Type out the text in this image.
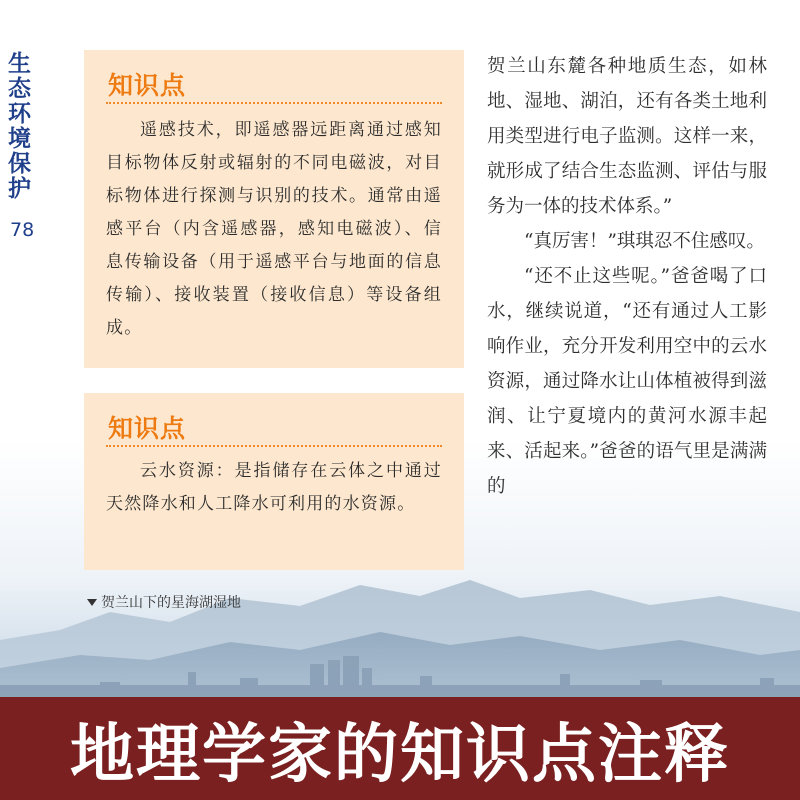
生
态
环
境
保
护
78
知识点
遥感技术，即遥感器远距离通过感知目标物体反射或辐射的不同电磁波，对目标物体进行探测与识别的技术。通常由遥感平台（内含遥感器，感知电磁波）、信息传输设备（用于遥感平台与地面的信息传输）、接收装置（接收信息）等设备组成。
知识点
云水资源：是指储存在云体之中通过天然降水和人工降水可利用的水资源。
贺兰山下的星海湖湿地

贺兰山东麓各种地质生态，如林地、湿地、湖泊，还有各类土地利用类型进行电子监测。这样一来，就形成了结合生态监测、评估与服务为一体的技术体系。”

“真厉害！”琪琪忍不住感叹。

“还不止这些呢。”爸爸喝了口水，继续说道，“还有通过人工影响作业，充分开发利用空中的云水资源，通过降水让山体植被得到滋润、让宁夏境内的黄河水源丰起来、活起来。”爸爸的语气里是满满的

地理学家的知识点注释
